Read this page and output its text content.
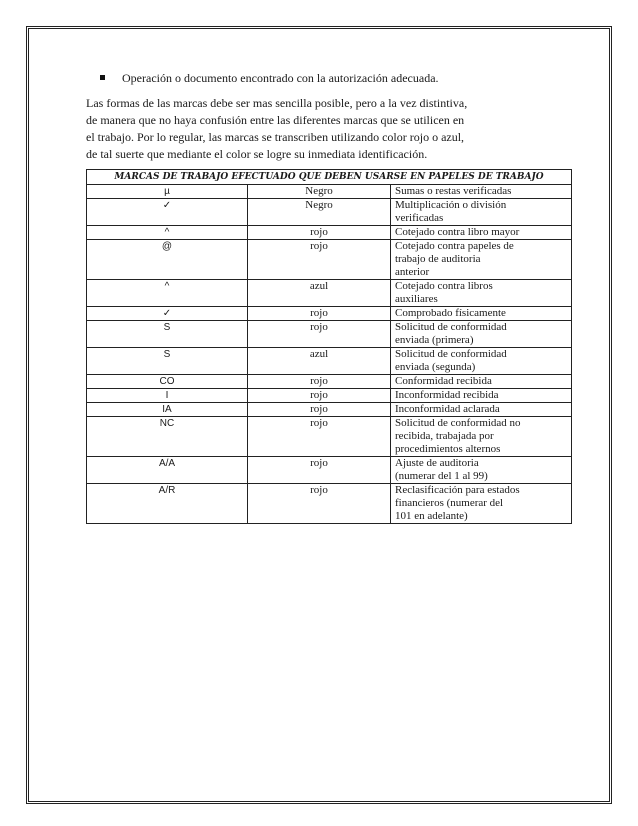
Operación o documento encontrado con la autorización adecuada.
Las formas de las marcas debe ser mas sencilla posible, pero a la vez distintiva,
de manera que no haya confusión entre las diferentes marcas que se utilicen en
el trabajo. Por lo regular, las marcas se transcriben utilizando color rojo o azul,
de tal suerte que mediante el color se logre su inmediata identificación.
MARCAS DE TRABAJO EFECTUADO QUE DEBEN USARSE EN PAPELES DE TRABAJO		
µ	Negro	Sumas o restas verificadas

✓	Negro	Multiplicación o división
verificadas

^	rojo	Cotejado contra libro mayor

@	rojo	Cotejado contra papeles de
trabajo de auditoria
anterior

^	azul	Cotejado contra libros
auxiliares

✓	rojo	Comprobado físicamente

S	rojo	Solicitud de conformidad
enviada (primera)

S	azul	Solicitud de conformidad
enviada (segunda)

CO	rojo	Conformidad recibida

I	rojo	Inconformidad recibida

IA	rojo	Inconformidad aclarada

NC	rojo	Solicitud de conformidad no
recibida, trabajada por
procedimientos alternos

A/A	rojo	Ajuste de auditoria
(numerar del 1 al 99)

A/R	rojo	Reclasificación para estados
financieros (numerar del
101 en adelante)
